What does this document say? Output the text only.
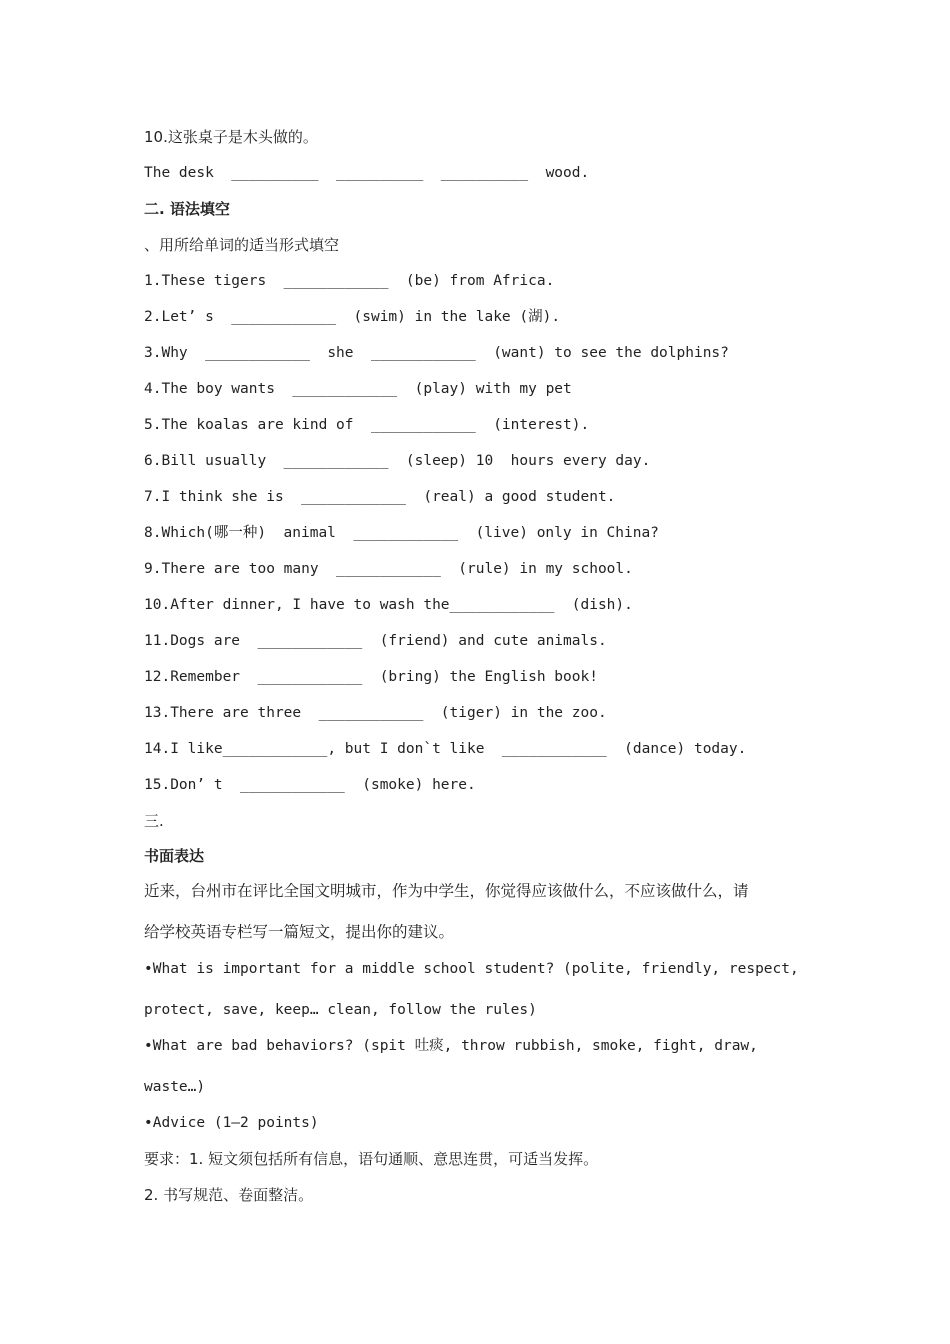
10.这张桌子是木头做的。
The desk  __________  __________  __________  wood.
二. 语法填空
、用所给单词的适当形式填空
1.These tigers  ____________  (be) from Africa.
2.Let’ s  ____________  (swim) in the lake (湖).
3.Why  ____________  she  ____________  (want) to see the dolphins?
4.The boy wants  ____________  (play) with my pet
5.The koalas are kind of  ____________  (interest).
6.Bill usually  ____________  (sleep) 10  hours every day.
7.I think she is  ____________  (real) a good student.
8.Which(哪一种)  animal  ____________  (live) only in China?
9.There are too many  ____________  (rule) in my school.
10.After dinner, I have to wash the____________  (dish).
11.Dogs are  ____________  (friend) and cute animals.
12.Remember  ____________  (bring) the English book!
13.There are three  ____________  (tiger) in the zoo.
14.I like____________, but I don`t like  ____________  (dance) today.
15.Don’ t  ____________  (smoke) here.
三.
书面表达
近来，台州市在评比全国文明城市，作为中学生，你觉得应该做什么，不应该做什么，请
给学校英语专栏写一篇短文，提出你的建议。
•What is important for a middle school student? (polite, friendly, respect,
protect, save, keep… clean, follow the rules)
•What are bad behaviors? (spit 吐痰, throw rubbish, smoke, fight, draw,
waste…)
•Advice (1—2 points)
要求：1. 短文须包括所有信息，语句通顺、意思连贯，可适当发挥。
2. 书写规范、卷面整洁。
